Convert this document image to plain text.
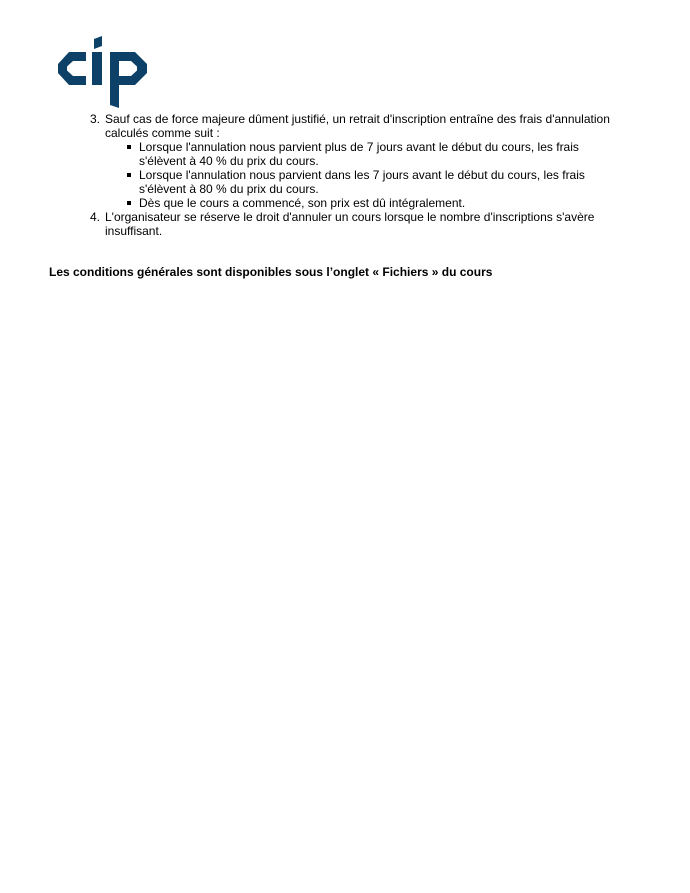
3. Sauf cas de force majeure dûment justifié, un retrait d'inscription entraîne des frais d'annulation calculés comme suit :
Lorsque l'annulation nous parvient plus de 7 jours avant le début du cours, les frais s'élèvent à 40 % du prix du cours.
Lorsque l'annulation nous parvient dans les 7 jours avant le début du cours, les frais s'élèvent à 80 % du prix du cours.
Dès que le cours a commencé, son prix est dû intégralement.
4. L'organisateur se réserve le droit d'annuler un cours lorsque le nombre d'inscriptions s'avère insuffisant.
Les conditions générales sont disponibles sous l’onglet « Fichiers » du cours
